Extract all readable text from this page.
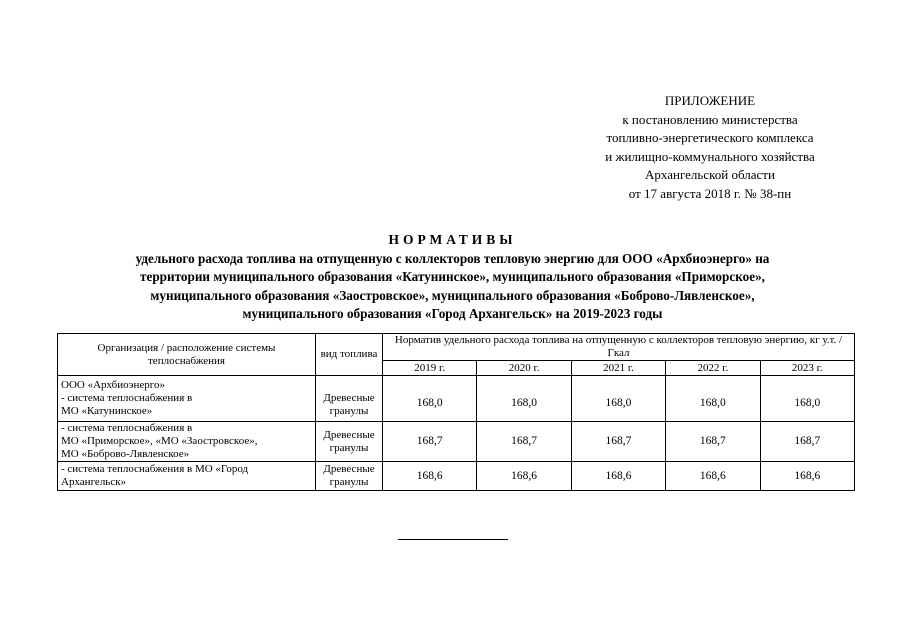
ПРИЛОЖЕНИЕ
к постановлению министерства
топливно-энергетического комплекса
и жилищно-коммунального хозяйства
Архангельской области
от 17 августа 2018 г. № 38-пн
НОРМАТИВЫ
удельного расхода топлива на отпущенную с коллекторов тепловую энергию для ООО «Архбиоэнерго» на
территории муниципального образования «Катунинское», муниципального образования «Приморское»,
муниципального образования «Заостровское», муниципального образования «Боброво-Лявленское»,
муниципального образования «Город Архангельск» на 2019-2023 годы
Организация / расположение системы теплоснабжения	вид топлива	Норматив удельного расхода топлива на отпущенную с коллекторов тепловую энергию, кг у.т. /Гкал				
		2019 г.	2020 г.	2021 г.	2022 г.	2023 г.

ООО «Архбиоэнерго»
- система теплоснабжения в
МО «Катунинское»	Древесные гранулы	168,0	168,0	168,0	168,0	168,0

- система теплоснабжения в
МО «Приморское», «МО «Заостровское»,
МО «Боброво-Лявленское»	Древесные гранулы	168,7	168,7	168,7	168,7	168,7

- система теплоснабжения в МО «Город
Архангельск»	Древесные гранулы	168,6	168,6	168,6	168,6	168,6
